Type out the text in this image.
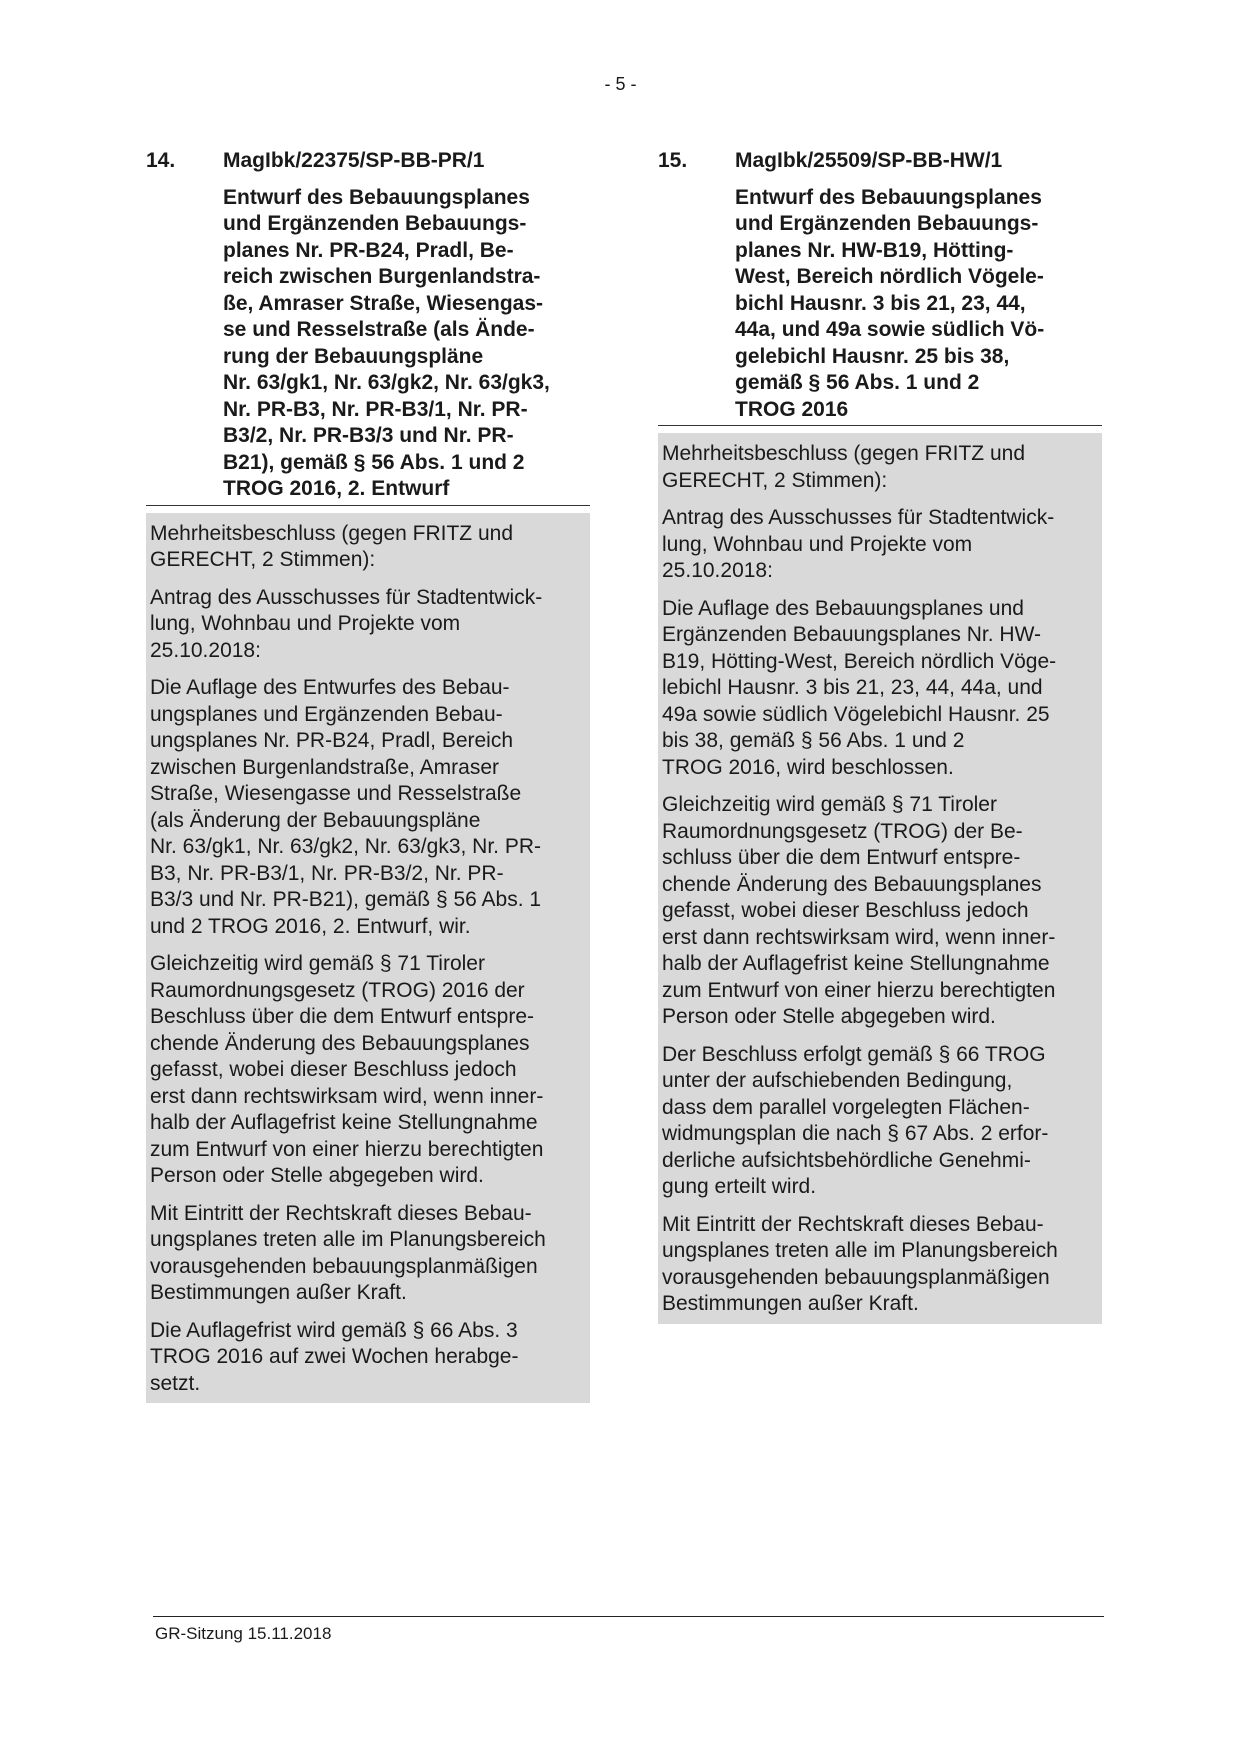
- 5 -
14.	MagIbk/22375/SP-BB-PR/1
Entwurf des Bebauungsplanes
und Ergänzenden Bebauungs-
planes Nr. PR-B24, Pradl, Be-
reich zwischen Burgenlandstra-
ße, Amraser Straße, Wiesengas-
se und Resselstraße (als Ände-
rung der Bebauungspläne
Nr. 63/gk1, Nr. 63/gk2, Nr. 63/gk3,
Nr. PR-B3, Nr. PR-B3/1, Nr. PR-
B3/2, Nr. PR-B3/3 und Nr. PR-
B21), gemäß § 56 Abs. 1 und 2
TROG 2016, 2. Entwurf

Mehrheitsbeschluss (gegen FRITZ und
GERECHT, 2 Stimmen):

Antrag des Ausschusses für Stadtentwick-
lung, Wohnbau und Projekte vom
25.10.2018:

Die Auflage des Entwurfes des Bebau-
ungsplanes und Ergänzenden Bebau-
ungsplanes Nr. PR-B24, Pradl, Bereich
zwischen Burgenlandstraße, Amraser
Straße, Wiesengasse und Resselstraße
(als Änderung der Bebauungspläne
Nr. 63/gk1, Nr. 63/gk2, Nr. 63/gk3, Nr. PR-
B3, Nr. PR-B3/1, Nr. PR-B3/2, Nr. PR-
B3/3 und Nr. PR-B21), gemäß § 56 Abs. 1
und 2 TROG 2016, 2. Entwurf, wir.

Gleichzeitig wird gemäß § 71 Tiroler
Raumordnungsgesetz (TROG) 2016 der
Beschluss über die dem Entwurf entspre-
chende Änderung des Bebauungsplanes
gefasst, wobei dieser Beschluss jedoch
erst dann rechtswirksam wird, wenn inner-
halb der Auflagefrist keine Stellungnahme
zum Entwurf von einer hierzu berechtigten
Person oder Stelle abgegeben wird.

Mit Eintritt der Rechtskraft dieses Bebau-
ungsplanes treten alle im Planungsbereich
vorausgehenden bebauungsplanmäßigen
Bestimmungen außer Kraft.

Die Auflagefrist wird gemäß § 66 Abs. 3
TROG 2016 auf zwei Wochen herabge-
setzt.

15.	MagIbk/25509/SP-BB-HW/1
Entwurf des Bebauungsplanes
und Ergänzenden Bebauungs-
planes Nr. HW-B19, Hötting-
West, Bereich nördlich Vögele-
bichl Hausnr. 3 bis 21, 23, 44,
44a, und 49a sowie südlich Vö-
gelebichl Hausnr. 25 bis 38,
gemäß § 56 Abs. 1 und 2
TROG 2016

Mehrheitsbeschluss (gegen FRITZ und
GERECHT, 2 Stimmen):

Antrag des Ausschusses für Stadtentwick-
lung, Wohnbau und Projekte vom
25.10.2018:

Die Auflage des Bebauungsplanes und
Ergänzenden Bebauungsplanes Nr. HW-
B19, Hötting-West, Bereich nördlich Vöge-
lebichl Hausnr. 3 bis 21, 23, 44, 44a, und
49a sowie südlich Vögelebichl Hausnr. 25
bis 38, gemäß § 56 Abs. 1 und 2
TROG 2016, wird beschlossen.

Gleichzeitig wird gemäß § 71 Tiroler
Raumordnungsgesetz (TROG) der Be-
schluss über die dem Entwurf entspre-
chende Änderung des Bebauungsplanes
gefasst, wobei dieser Beschluss jedoch
erst dann rechtswirksam wird, wenn inner-
halb der Auflagefrist keine Stellungnahme
zum Entwurf von einer hierzu berechtigten
Person oder Stelle abgegeben wird.

Der Beschluss erfolgt gemäß § 66 TROG
unter der aufschiebenden Bedingung,
dass dem parallel vorgelegten Flächen-
widmungsplan die nach § 67 Abs. 2 erfor-
derliche aufsichtsbehördliche Genehmi-
gung erteilt wird.

Mit Eintritt der Rechtskraft dieses Bebau-
ungsplanes treten alle im Planungsbereich
vorausgehenden bebauungsplanmäßigen
Bestimmungen außer Kraft.

GR-Sitzung 15.11.2018
